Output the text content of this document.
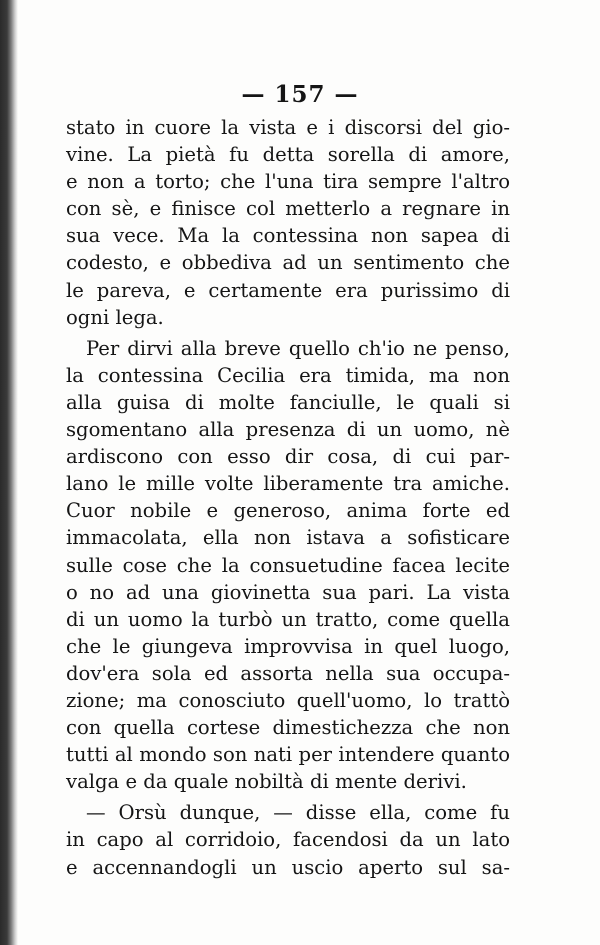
— 157 —
stato in cuore la vista e i discorsi del gio-
vine. La pietà fu detta sorella di amore,
e non a torto; che l'una tira sempre l'altro
con sè, e finisce col metterlo a regnare in
sua vece. Ma la contessina non sapea di
codesto, e obbediva ad un sentimento che
le pareva, e certamente era purissimo di
ogni lega.
Per dirvi alla breve quello ch'io ne penso,
la contessina Cecilia era timida, ma non
alla guisa di molte fanciulle, le quali si
sgomentano alla presenza di un uomo, nè
ardiscono con esso dir cosa, di cui par-
lano le mille volte liberamente tra amiche.
Cuor nobile e generoso, anima forte ed
immacolata, ella non istava a sofisticare
sulle cose che la consuetudine facea lecite
o no ad una giovinetta sua pari. La vista
di un uomo la turbò un tratto, come quella
che le giungeva improvvisa in quel luogo,
dov'era sola ed assorta nella sua occupa-
zione; ma conosciuto quell'uomo, lo trattò
con quella cortese dimestichezza che non
tutti al mondo son nati per intendere quanto
valga e da quale nobiltà di mente derivi.
— Orsù dunque, — disse ella, come fu
in capo al corridoio, facendosi da un lato
e accennandogli un uscio aperto sul sa-
